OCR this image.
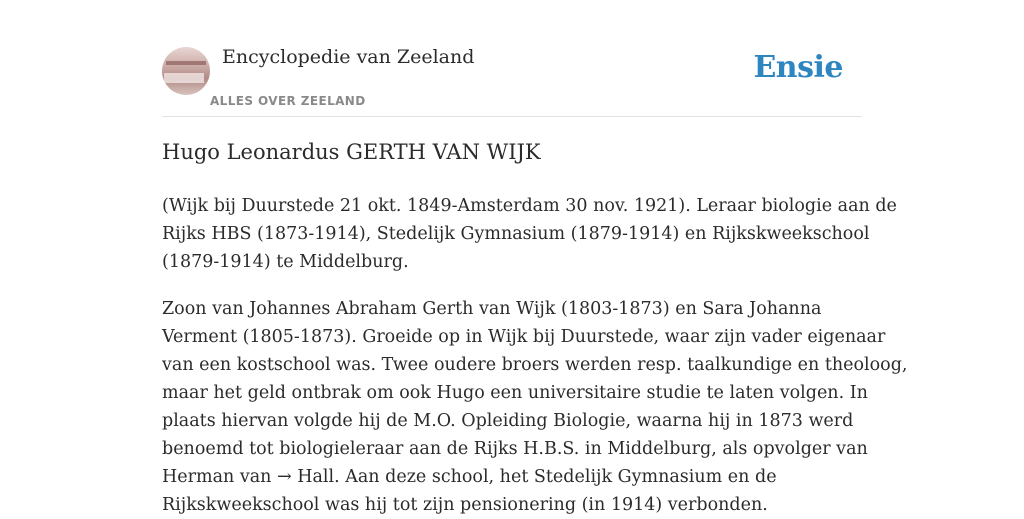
Encyclopedie van Zeeland
ALLES OVER ZEELAND
Ensie
Hugo Leonardus GERTH VAN WIJK

(Wijk bij Duurstede 21 okt. 1849-Amsterdam 30 nov. 1921). Leraar biologie aan de
Rijks HBS (1873-1914), Stedelijk Gymnasium (1879-1914) en Rijkskweekschool
(1879-1914) te Middelburg.

Zoon van Johannes Abraham Gerth van Wijk (1803-1873) en Sara Johanna
Verment (1805-1873). Groeide op in Wijk bij Duurstede, waar zijn vader eigenaar
van een kostschool was. Twee oudere broers werden resp. taalkundige en theoloog,
maar het geld ontbrak om ook Hugo een universitaire studie te laten volgen. In
plaats hiervan volgde hij de M.O. Opleiding Biologie, waarna hij in 1873 werd
benoemd tot biologieleraar aan de Rijks H.B.S. in Middelburg, als opvolger van
Herman van → Hall. Aan deze school, het Stedelijk Gymnasium en de
Rijkskweekschool was hij tot zijn pensionering (in 1914) verbonden.
